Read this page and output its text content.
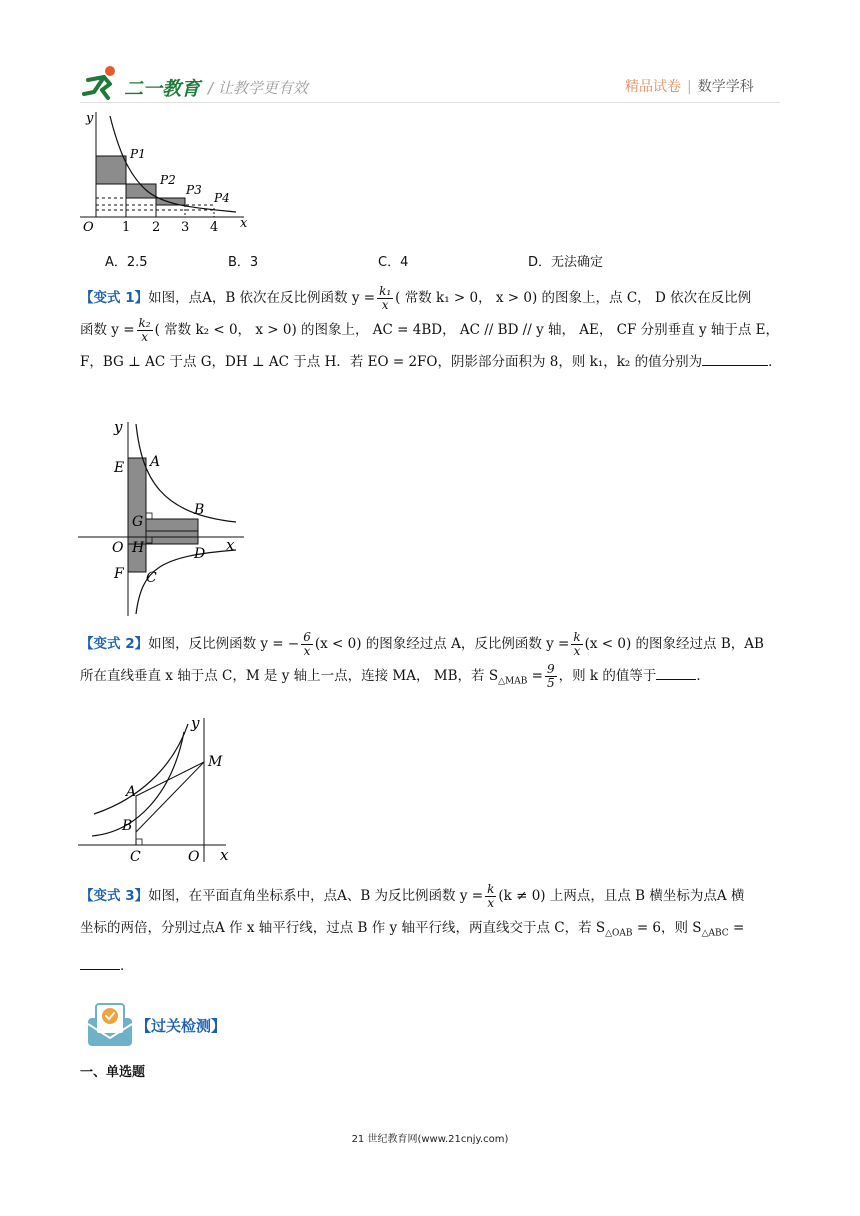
二一教育 / 让教学更有效	精品试卷 | 数学学科
y
x
O 1 2 3 4
P1
P2
P3
P4
A．2.5	B．3	C．4	D．无法确定
【变式 1】如图，点A，B 依次在反比例函数 $y = \frac{\text{k₁}}{x}$ ( 常数 k₁ > 0， x > 0) 的图象上，点 C， D 依次在反比例
函数 $y = \frac{\text{k₂}}{x}$ ( 常数 k₂ < 0， x > 0) 的图象上， AC = 4BD， AC // BD // y 轴， AE， CF 分别垂直 y 轴于点 E，
F，BG ⊥ AC 于点 G，DH ⊥ AC 于点 H．若 EO = 2FO，阴影部分面积为 8，则 k₁，k₂ 的值分别为	．
y
E A
G
B
O H	D x
F C
【变式 2】如图，反比例函数 y = − $\frac{6}{x} (x < 0)$ 的图象经过点 A，反比例函数 $y = \frac{k}{x} (x < 0)$ 的图象经过点 B，AB
所在直线垂直 x 轴于点 C，M 是 y 轴上一点，连接 MA， MB，若 $S_{\triangle MAB} = \frac{9}{5}$ ，则 k 的值等于	．
y
M
A
B
C	O x
【变式 3】如图，在平面直角坐标系中，点A、B 为反比例函数 $y = \frac{k}{x} (k \ne 0)$ 上两点，且点 B 横坐标为点A 横
坐标的两倍，分别过点A 作 x 轴平行线，过点 B 作 y 轴平行线，两直线交于点 C，若 $S_{\triangle OAB} = 6$，则 $S_{\triangle ABC}$ =．
【过关检测】
一、单选题
21 世纪教育网(www.21cnjy.com)
